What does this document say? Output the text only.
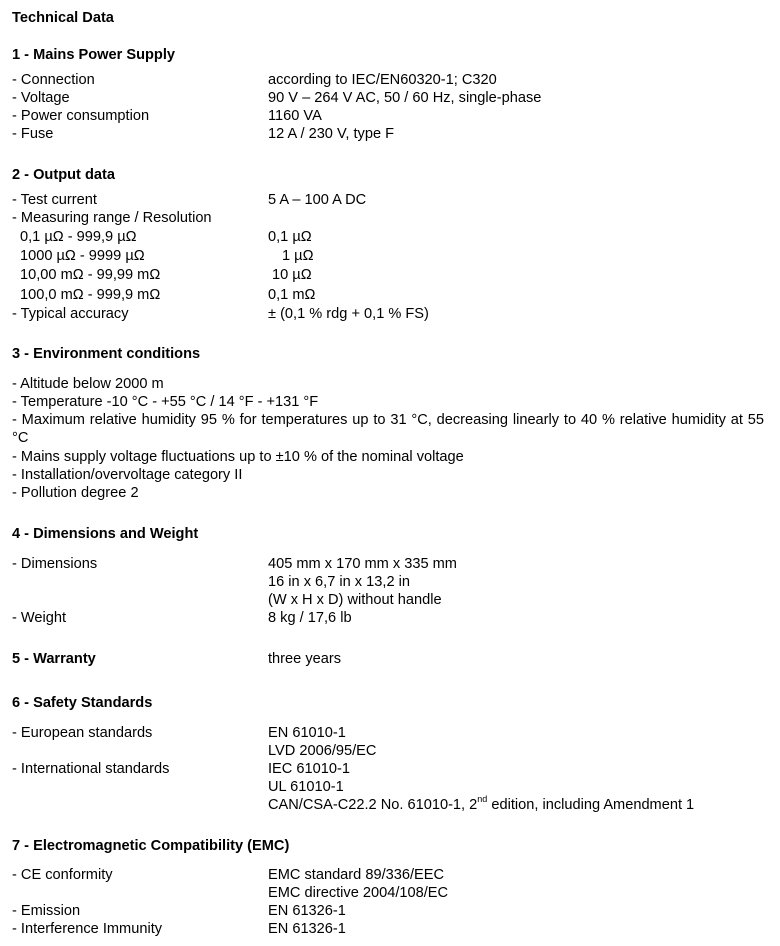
Technical Data
1 - Mains Power Supply
- Connection	according to IEC/EN60320-1; C320
- Voltage	90 V – 264 V AC, 50 / 60 Hz, single-phase
- Power consumption	1160 VA
- Fuse	12 A / 230 V, type F
2 - Output data
- Test current	5 A – 100 A DC
- Measuring range / Resolution
0,1 µΩ - 999,9 µΩ	0,1 µΩ
1000 µΩ - 9999 µΩ	1 µΩ
10,00 mΩ - 99,99 mΩ	10 µΩ
100,0 mΩ - 999,9 mΩ	0,1 mΩ
- Typical accuracy	± (0,1 % rdg + 0,1 % FS)
3 - Environment conditions
- Altitude below 2000 m
- Temperature -10 °C - +55 °C / 14 °F - +131 °F
- Maximum relative humidity 95 % for temperatures up to 31 °C, decreasing linearly to 40 % relative humidity at 55 °C
- Mains supply voltage fluctuations up to ±10 % of the nominal voltage
- Installation/overvoltage category II
- Pollution degree 2
4 - Dimensions and Weight
- Dimensions	405 mm x 170 mm x 335 mm
16 in x 6,7 in x 13,2 in
(W x H x D) without handle
- Weight	8 kg / 17,6 lb
5 - Warranty	three years
6 - Safety Standards
- European standards	EN 61010-1
LVD 2006/95/EC
- International standards	IEC 61010-1
UL 61010-1
CAN/CSA-C22.2 No. 61010-1, 2nd edition, including Amendment 1
7 - Electromagnetic Compatibility (EMC)
- CE conformity	EMC standard 89/336/EEC
EMC directive 2004/108/EC
- Emission	EN 61326-1
- Interference Immunity	EN 61326-1
